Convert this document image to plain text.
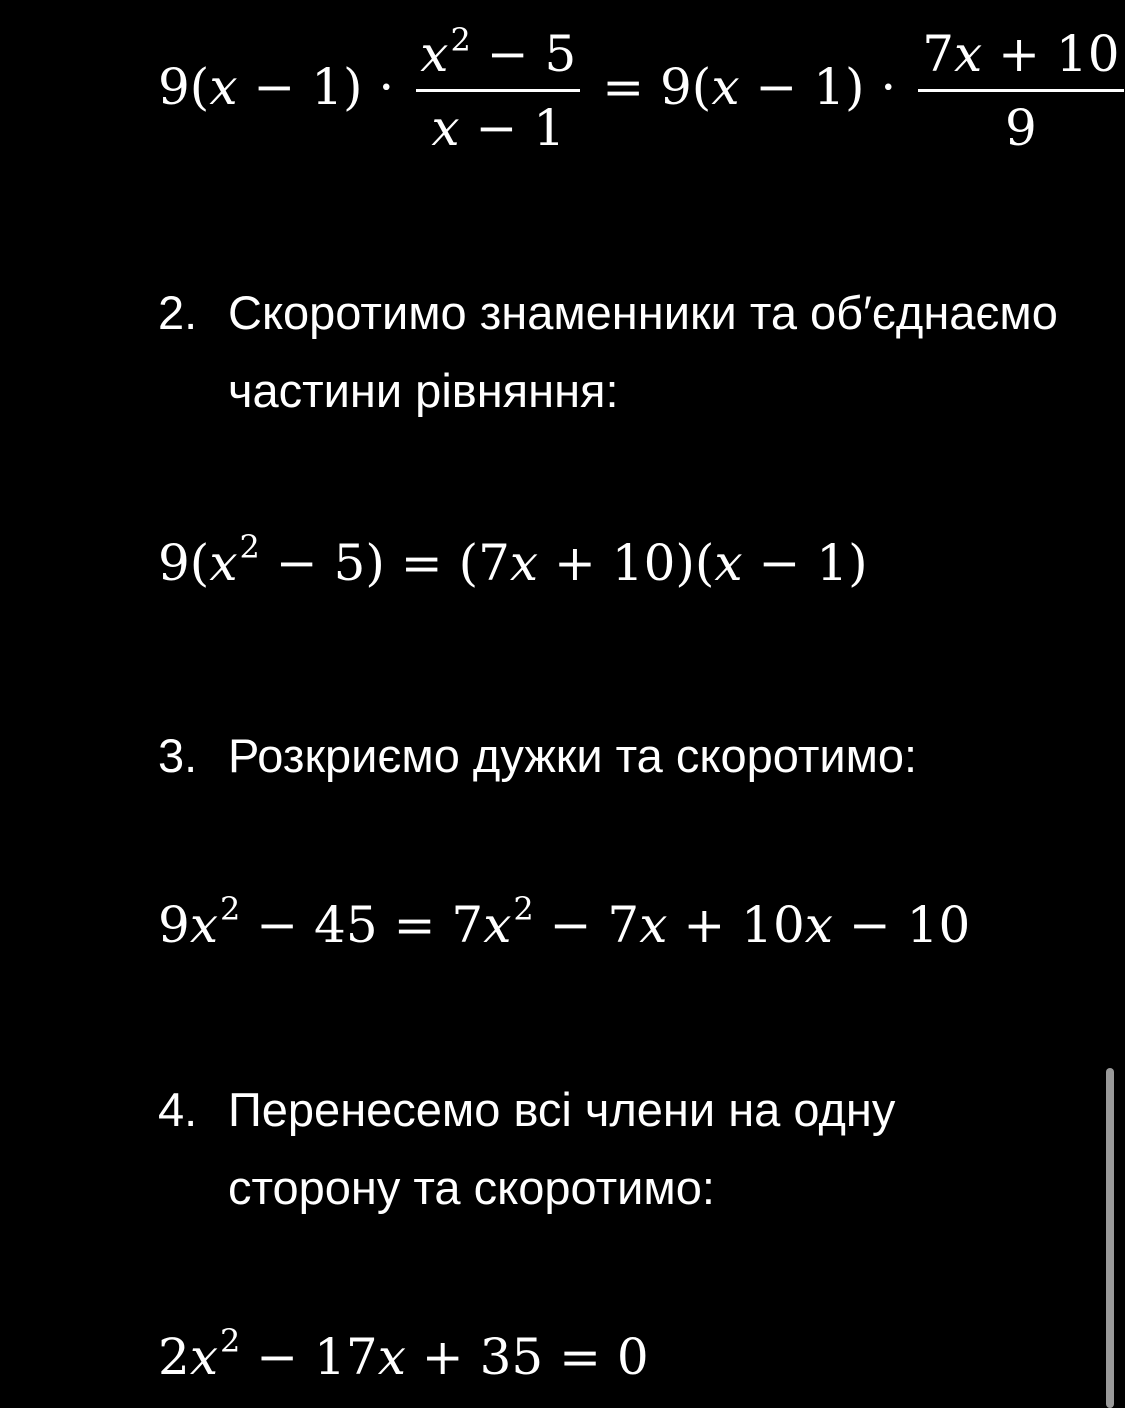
$9(x - 1) \cdot \frac{x^2 - 5}{x - 1} = 9(x - 1) \cdot \frac{7x + 10}{9}$
2. Скоротимо знаменники та об′єднаємо частини рівняння:
$9(x^2 - 5) = (7x + 10)(x - 1)$
3. Розкриємо дужки та скоротимо:
$9x^2 - 45 = 7x^2 - 7x + 10x - 10$
4. Перенесемо всі члени на одну сторону та скоротимо:
$2x^2 - 17x + 35 = 0$
